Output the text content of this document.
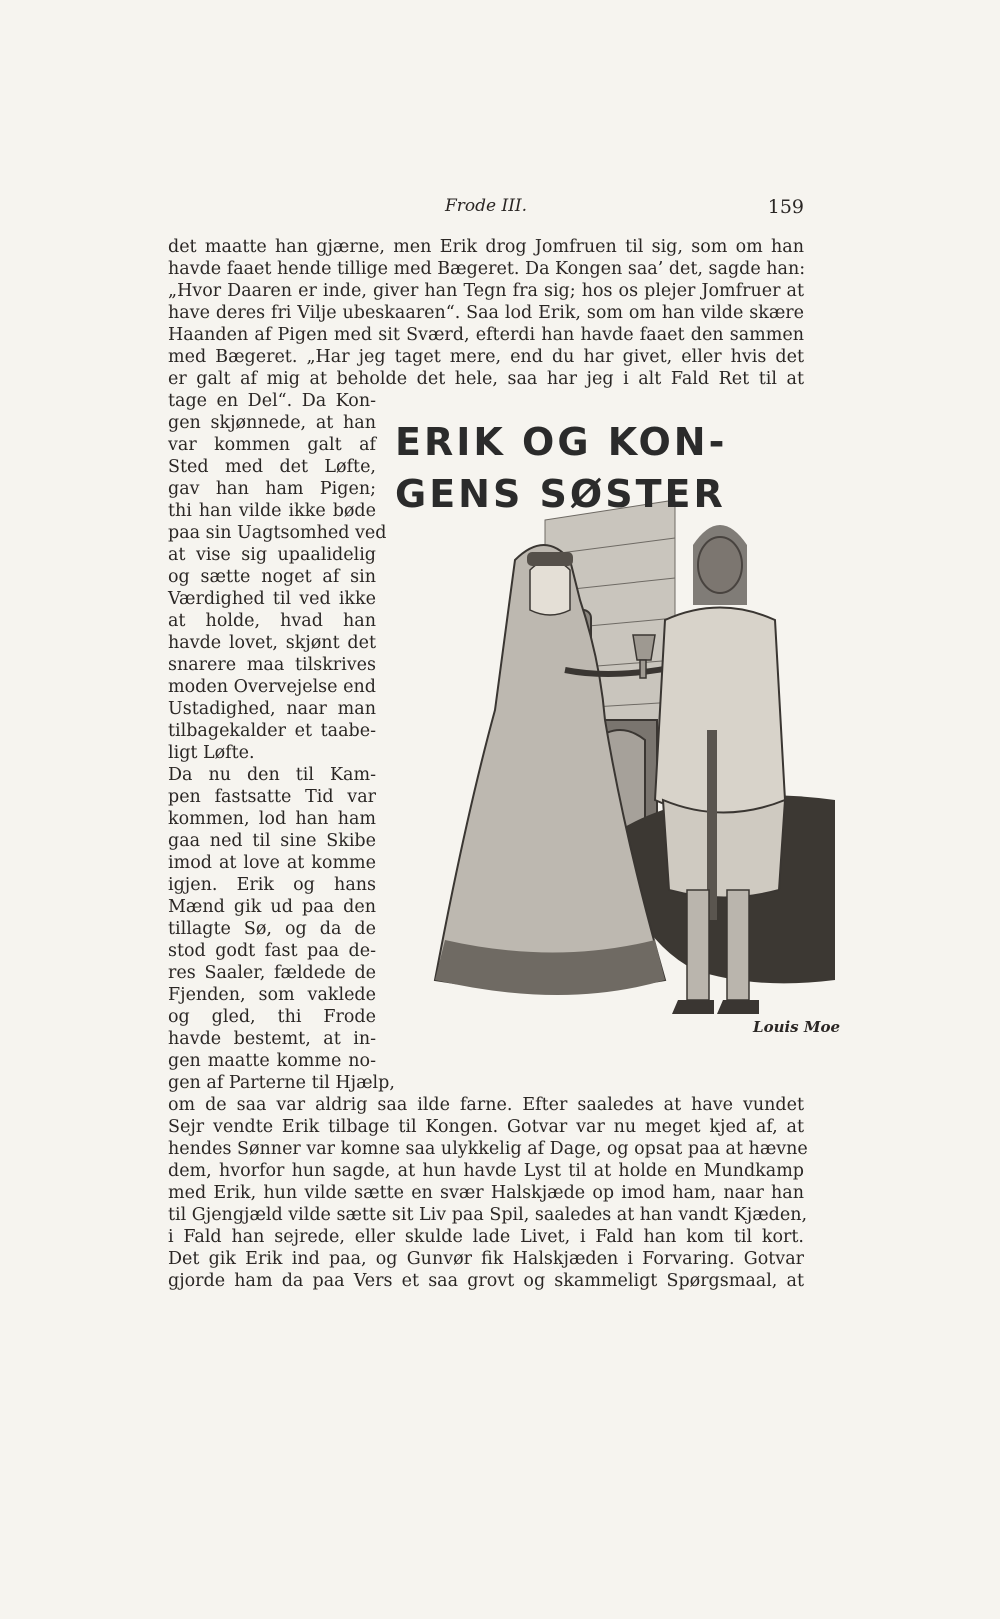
Frode III.	159
det maatte han gjærne, men Erik drog Jomfruen til sig, som om han
havde faaet hende tillige med Bægeret. Da Kongen saa’ det, sagde han:
„Hvor Daaren er inde, giver han Tegn fra sig; hos os plejer Jomfruer at
have deres fri Vilje ubeskaaren“. Saa lod Erik, som om han vilde skære
Haanden af Pigen med sit Sværd, efterdi han havde faaet den sammen
med Bægeret. „Har jeg taget mere, end du har givet, eller hvis det
er galt af mig at beholde det hele, saa har jeg i alt Fald Ret til at
tage en Del“. Da Kon-
gen skjønnede, at han
var kommen galt af
Sted med det Løfte,
gav han ham Pigen;
thi han vilde ikke bøde
paa sin Uagtsomhed ved
at vise sig upaalidelig
og sætte noget af sin
Værdighed til ved ikke
at holde, hvad han
havde lovet, skjønt det
snarere maa tilskrives
moden Overvejelse end
Ustadighed, naar man
tilbagekalder et taabe-
ligt Løfte.
Da nu den til Kam-
pen fastsatte Tid var
kommen, lod han ham
gaa ned til sine Skibe
imod at love at komme
igjen. Erik og hans
Mænd gik ud paa den
tillagte Sø, og da de
stod godt fast paa de-
res Saaler, fældede de
Fjenden, som vaklede
og gled, thi Frode
havde bestemt, at in-
gen maatte komme no-
gen af Parterne til Hjælp,
om de saa var aldrig saa ilde farne. Efter saaledes at have vundet
Sejr vendte Erik tilbage til Kongen. Gotvar var nu meget kjed af, at
hendes Sønner var komne saa ulykkelig af Dage, og opsat paa at hævne
dem, hvorfor hun sagde, at hun havde Lyst til at holde en Mundkamp
med Erik, hun vilde sætte en svær Halskjæde op imod ham, naar han
til Gjengjæld vilde sætte sit Liv paa Spil, saaledes at han vandt Kjæden,
i Fald han sejrede, eller skulde lade Livet, i Fald han kom til kort.
Det gik Erik ind paa, og Gunvør fik Halskjæden i Forvaring. Gotvar
gjorde ham da paa Vers et saa grovt og skammeligt Spørgsmaal, at
ERIK OG KON-
GENS SØSTER
Louis Moe
